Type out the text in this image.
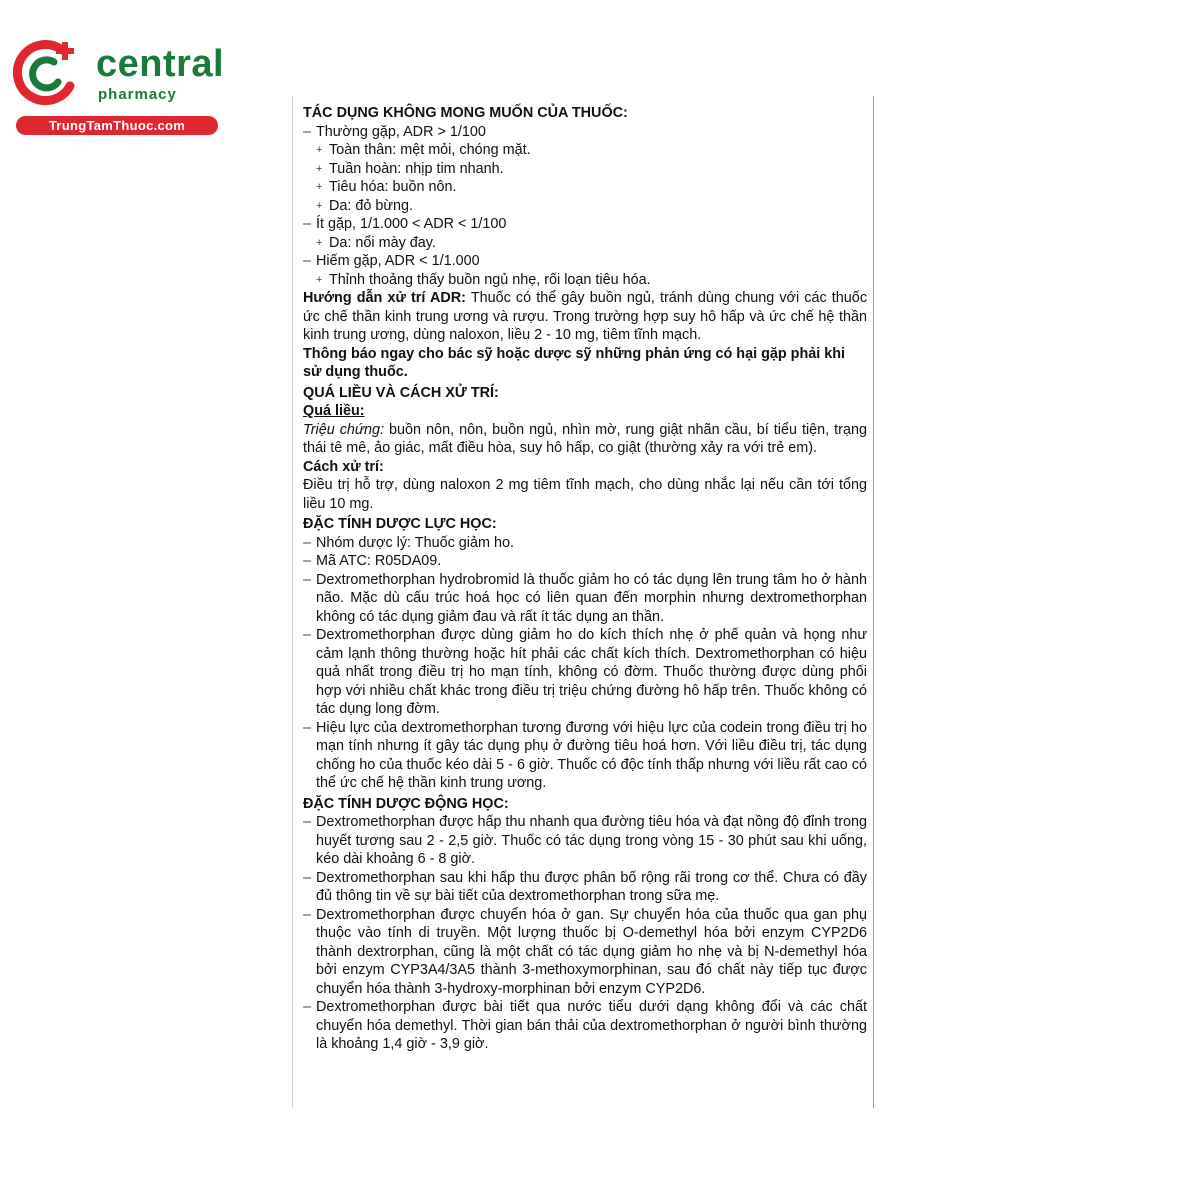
central
pharmacy
TrungTamThuoc.com

TÁC DỤNG KHÔNG MONG MUỐN CỦA THUỐC:

– Thường gặp, ADR > 1/100

+ Toàn thân: mệt mỏi, chóng mặt.

+ Tuần hoàn: nhịp tim nhanh.

+ Tiêu hóa: buồn nôn.

+ Da: đỏ bừng.

– Ít gặp, 1/1.000 < ADR < 1/100

+ Da: nổi mày đay.

– Hiếm gặp, ADR < 1/1.000

+ Thỉnh thoảng thấy buồn ngủ nhẹ, rối loạn tiêu hóa.

Hướng dẫn xử trí ADR: Thuốc có thể gây buồn ngủ, tránh dùng chung với các thuốc ức chế thần kinh trung ương và rượu. Trong trường hợp suy hô hấp và ức chế hệ thần kinh trung ương, dùng naloxon, liều 2 - 10 mg, tiêm tĩnh mạch.

Thông báo ngay cho bác sỹ hoặc dược sỹ những phản ứng có hại gặp phải khi sử dụng thuốc.

QUÁ LIỀU VÀ CÁCH XỬ TRÍ:

Quá liều:

Triệu chứng: buồn nôn, nôn, buồn ngủ, nhìn mờ, rung giật nhãn cầu, bí tiểu tiện, trạng thái tê mê, ảo giác, mất điều hòa, suy hô hấp, co giật (thường xảy ra với trẻ em).

Cách xử trí:

Điều trị hỗ trợ, dùng naloxon 2 mg tiêm tĩnh mạch, cho dùng nhắc lại nếu cần tới tổng liều 10 mg.

ĐẶC TÍNH DƯỢC LỰC HỌC:

– Nhóm dược lý: Thuốc giảm ho.

– Mã ATC: R05DA09.

– Dextromethorphan hydrobromid là thuốc giảm ho có tác dụng lên trung tâm ho ở hành não. Mặc dù cấu trúc hoá học có liên quan đến morphin nhưng dextromethorphan không có tác dụng giảm đau và rất ít tác dụng an thần.

– Dextromethorphan được dùng giảm ho do kích thích nhẹ ở phế quản và họng như cảm lạnh thông thường hoặc hít phải các chất kích thích. Dextromethorphan có hiệu quả nhất trong điều trị ho mạn tính, không có đờm. Thuốc thường được dùng phối hợp với nhiều chất khác trong điều trị triệu chứng đường hô hấp trên. Thuốc không có tác dụng long đờm.

– Hiệu lực của dextromethorphan tương đương với hiệu lực của codein trong điều trị ho mạn tính nhưng ít gây tác dụng phụ ở đường tiêu hoá hơn. Với liều điều trị, tác dụng chống ho của thuốc kéo dài 5 - 6 giờ. Thuốc có độc tính thấp nhưng với liều rất cao có thể ức chế hệ thần kinh trung ương.

ĐẶC TÍNH DƯỢC ĐỘNG HỌC:

– Dextromethorphan được hấp thu nhanh qua đường tiêu hóa và đạt nồng độ đỉnh trong huyết tương sau 2 - 2,5 giờ. Thuốc có tác dụng trong vòng 15 - 30 phút sau khi uống, kéo dài khoảng 6 - 8 giờ.

– Dextromethorphan sau khi hấp thu được phân bố rộng rãi trong cơ thể. Chưa có đầy đủ thông tin về sự bài tiết của dextromethorphan trong sữa mẹ.

– Dextromethorphan được chuyển hóa ở gan. Sự chuyển hóa của thuốc qua gan phụ thuộc vào tính di truyền. Một lượng thuốc bị O-demethyl hóa bởi enzym CYP2D6 thành dextrorphan, cũng là một chất có tác dụng giảm ho nhẹ và bị N-demethyl hóa bởi enzym CYP3A4/3A5 thành 3-methoxymorphinan, sau đó chất này tiếp tục được chuyển hóa thành 3-hydroxy-morphinan bởi enzym CYP2D6.

– Dextromethorphan được bài tiết qua nước tiểu dưới dạng không đổi và các chất chuyển hóa demethyl. Thời gian bán thải của dextromethorphan ở người bình thường là khoảng 1,4 giờ - 3,9 giờ.
